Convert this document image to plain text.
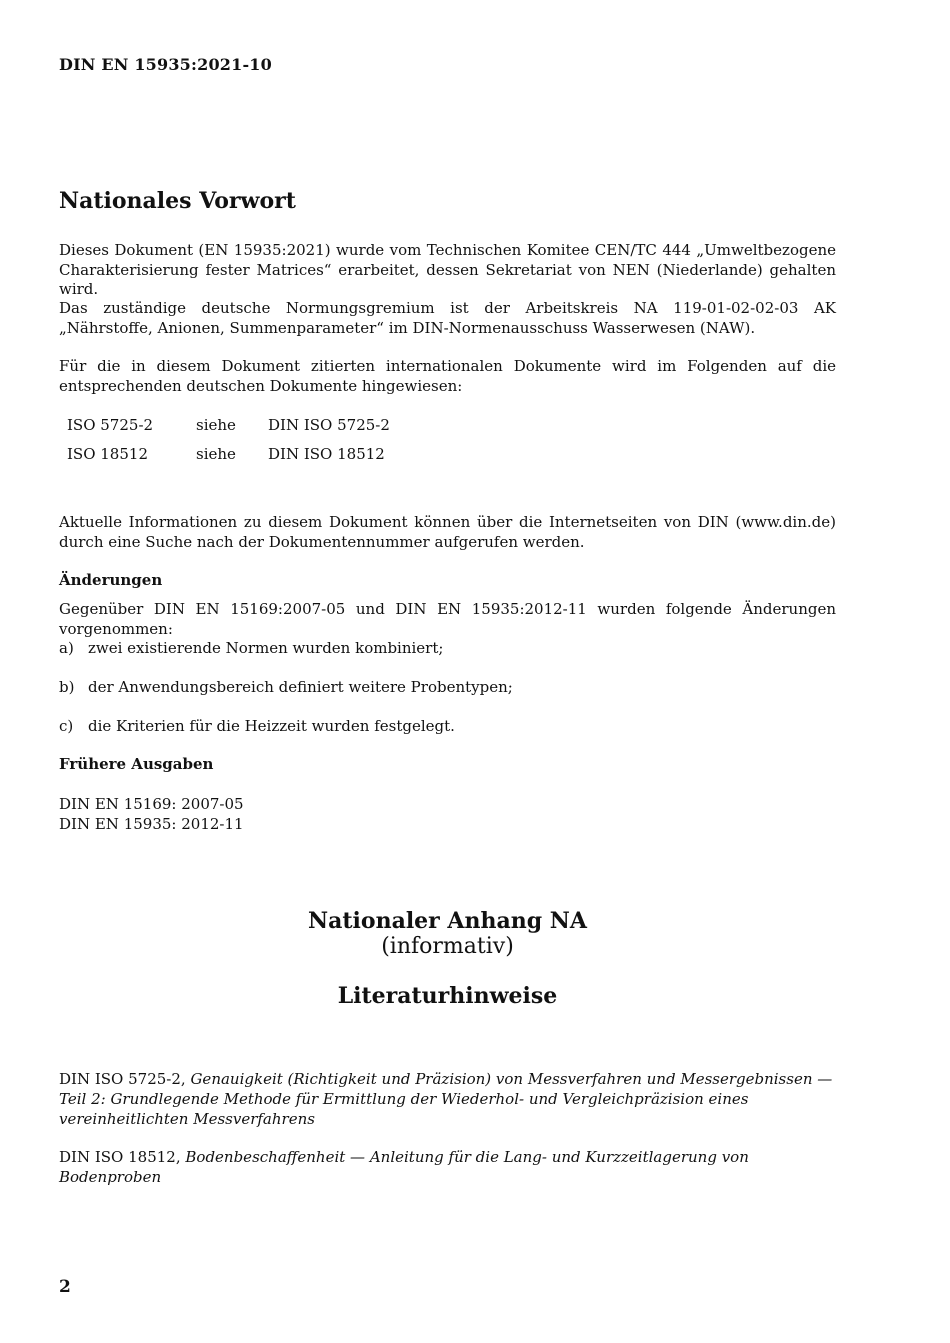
DIN EN 15935:2021-10
Nationales Vorwort
Dieses Dokument (EN 15935:2021) wurde vom Technischen Komitee CEN/TC 444 „Umweltbezogene Charakterisierung fester Matrices“ erarbeitet, dessen Sekretariat von NEN (Niederlande) gehalten wird.
Das zuständige deutsche Normungsgremium ist der Arbeitskreis NA 119-01-02-02-03 AK „Nährstoffe, Anionen, Summenparameter“ im DIN-Normenausschuss Wasserwesen (NAW).
Für die in diesem Dokument zitierten internationalen Dokumente wird im Folgenden auf die entsprechenden deutschen Dokumente hingewiesen:
ISO 5725-2	siehe	DIN ISO 5725-2
ISO 18512	siehe	DIN ISO 18512
Aktuelle Informationen zu diesem Dokument können über die Internetseiten von DIN (www.din.de) durch eine Suche nach der Dokumentennummer aufgerufen werden.
Änderungen
Gegenüber DIN EN 15169:2007-05 und DIN EN 15935:2012-11 wurden folgende Änderungen vorgenommen:
a) zwei existierende Normen wurden kombiniert;
b) der Anwendungsbereich definiert weitere Probentypen;
c) die Kriterien für die Heizzeit wurden festgelegt.
Frühere Ausgaben
DIN EN 15169: 2007-05
DIN EN 15935: 2012-11
Nationaler Anhang NA
(informativ)
Literaturhinweise
DIN ISO 5725-2, Genauigkeit (Richtigkeit und Präzision) von Messverfahren und Messergebnissen — Teil 2: Grundlegende Methode für Ermittlung der Wiederhol- und Vergleichpräzision eines vereinheitlichten Messverfahrens
DIN ISO 18512, Bodenbeschaffenheit — Anleitung für die Lang- und Kurzzeitlagerung von Bodenproben
2
